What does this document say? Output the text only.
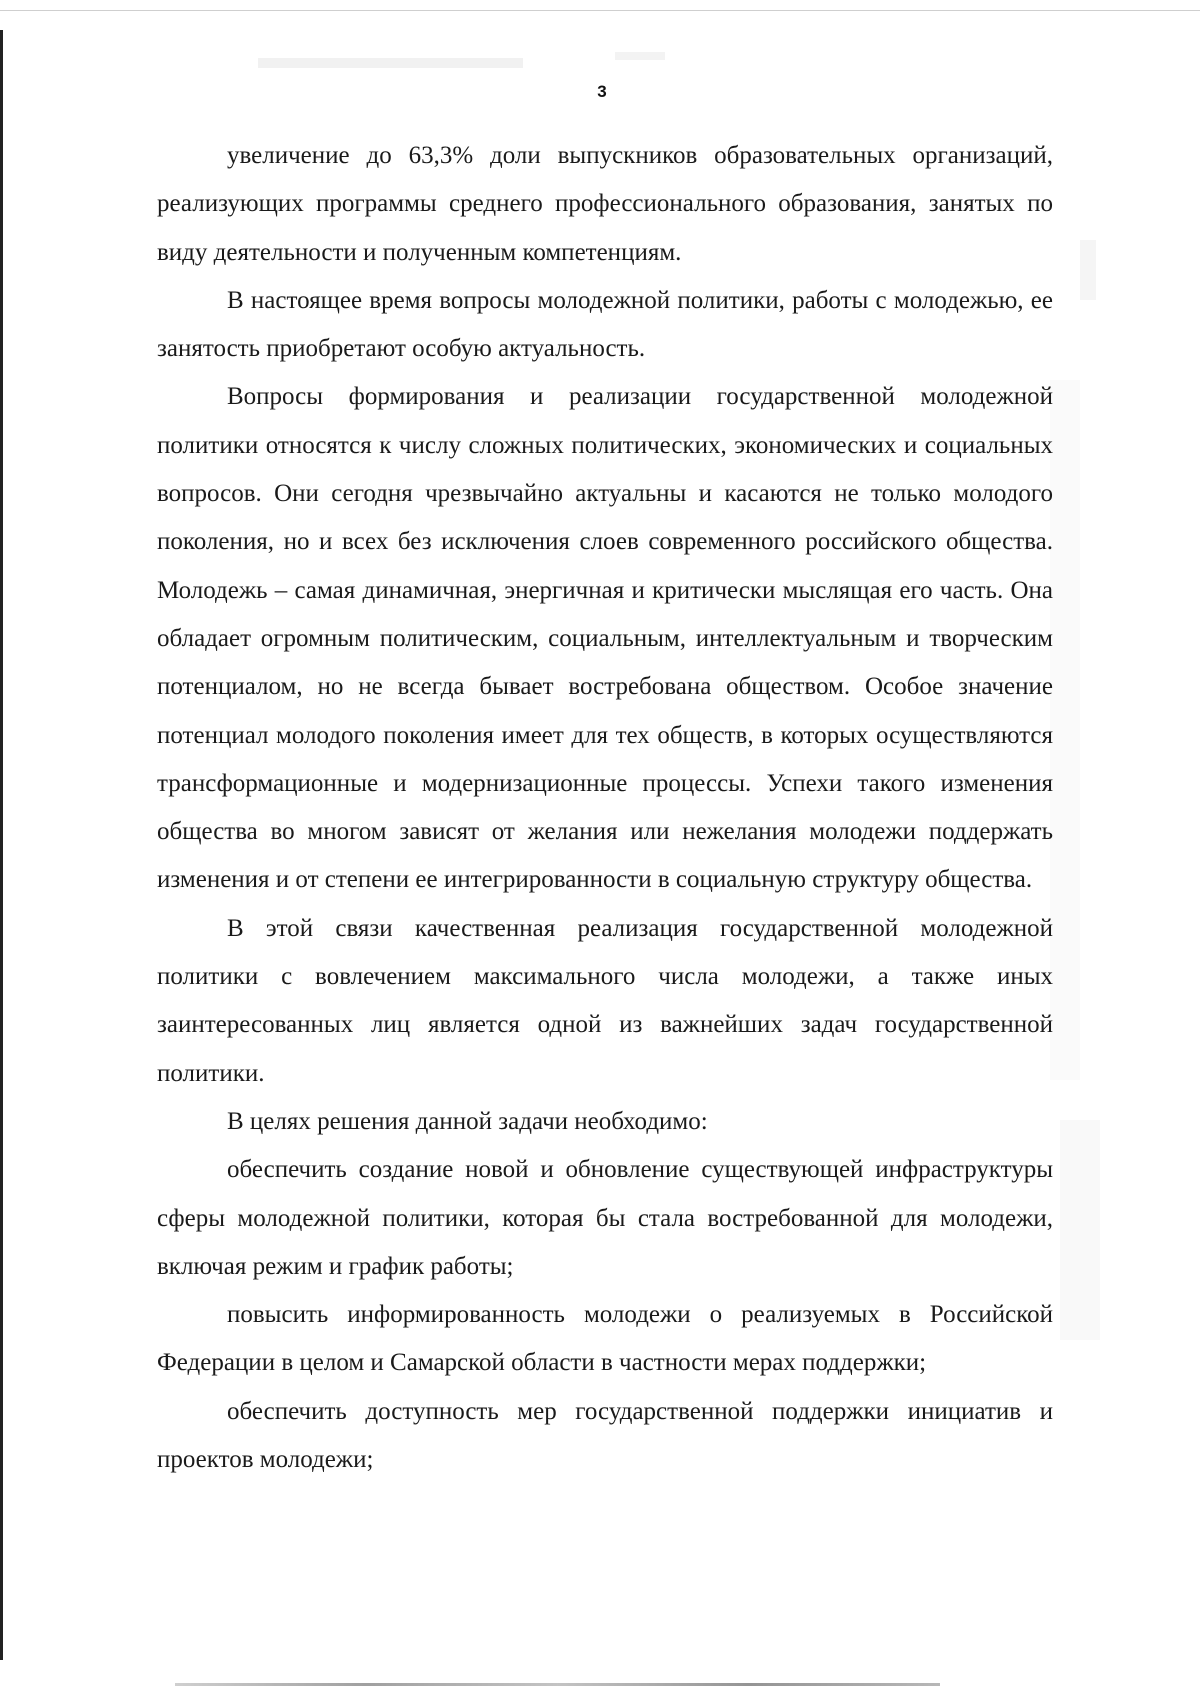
3

увеличение до 63,3% доли выпускников образовательных организаций, реализующих программы среднего профессионального образования, занятых по виду деятельности и полученным компетенциям.

В настоящее время вопросы молодежной политики, работы с молодежью, ее занятость приобретают особую актуальность.

Вопросы формирования и реализации государственной молодежной политики относятся к числу сложных политических, экономических и социальных вопросов. Они сегодня чрезвычайно актуальны и касаются не только молодого поколения, но и всех без исключения слоев современного российского общества. Молодежь – самая динамичная, энергичная и критически мыслящая его часть. Она обладает огромным политическим, социальным, интеллектуальным и творческим потенциалом, но не всегда бывает востребована обществом. Особое значение потенциал молодого поколения имеет для тех обществ, в которых осуществляются трансформационные и модернизационные процессы. Успехи такого изменения общества во многом зависят от желания или нежелания молодежи поддержать изменения и от степени ее интегрированности в социальную структуру общества.

В этой связи качественная реализация государственной молодежной политики с вовлечением максимального числа молодежи, а также иных заинтересованных лиц является одной из важнейших задач государственной политики.

В целях решения данной задачи необходимо:

обеспечить создание новой и обновление существующей инфраструктуры сферы молодежной политики, которая бы стала востребованной для молодежи, включая режим и график работы;

повысить информированность молодежи о реализуемых в Российской Федерации в целом и Самарской области в частности мерах поддержки;

обеспечить доступность мер государственной поддержки инициатив и проектов молодежи;
